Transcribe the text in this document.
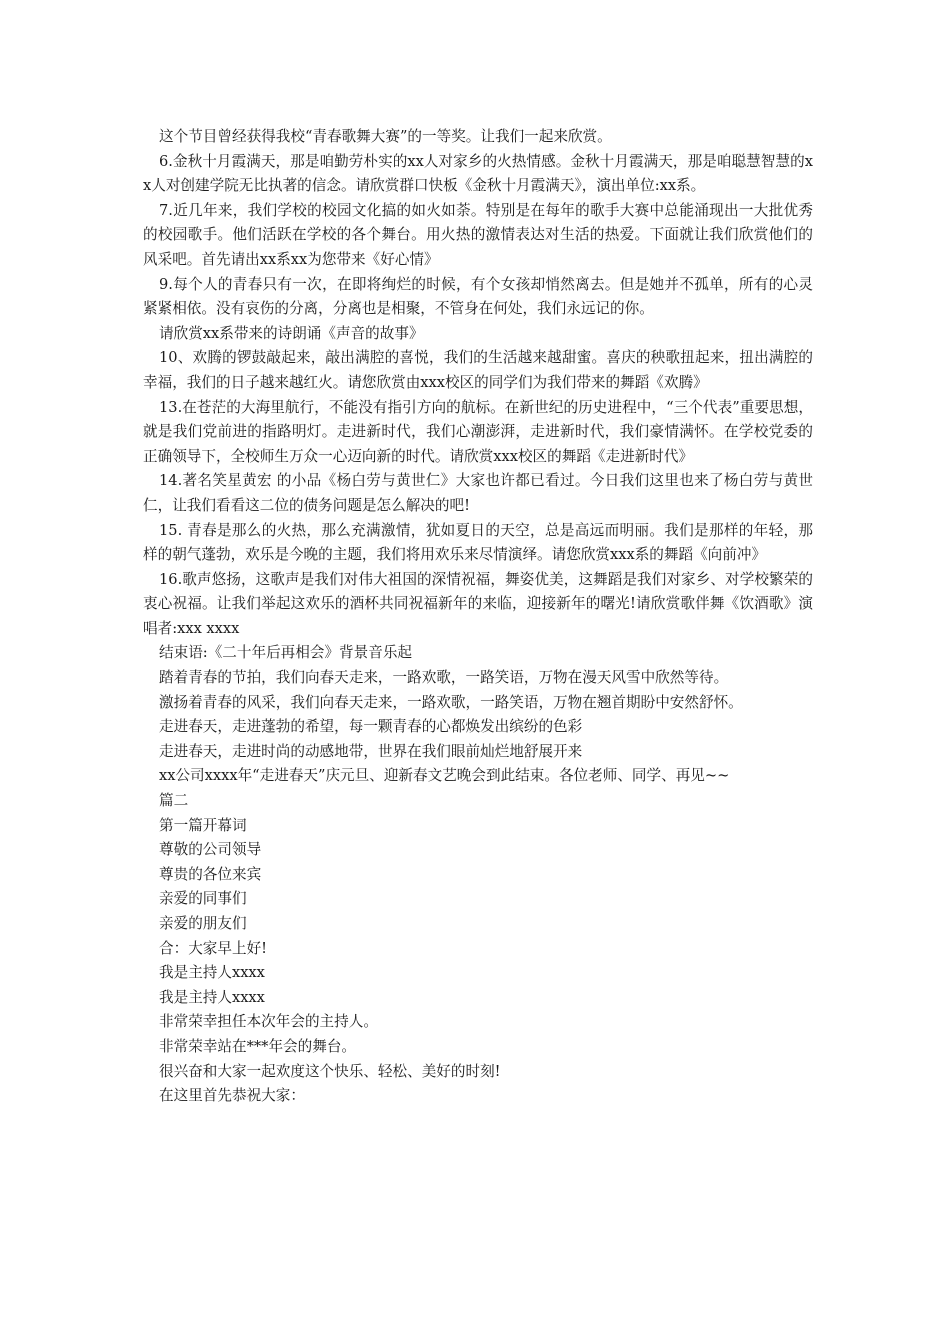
这个节目曾经获得我校“青春歌舞大赛”的一等奖。让我们一起来欣赏。

6.金秋十月霞满天，那是咱勤劳朴实的xx人对家乡的火热情感。金秋十月霞满天，那是咱聪慧智慧的xx人对创建学院无比执著的信念。请欣赏群口快板《金秋十月霞满天》，演出单位:xx系。

7.近几年来，我们学校的校园文化搞的如火如荼。特别是在每年的歌手大赛中总能涌现出一大批优秀的校园歌手。他们活跃在学校的各个舞台。用火热的激情表达对生活的热爱。下面就让我们欣赏他们的风采吧。首先请出xx系xx为您带来《好心情》

9.每个人的青春只有一次，在即将绚烂的时候，有个女孩却悄然离去。但是她并不孤单，所有的心灵紧紧相依。没有哀伤的分离，分离也是相聚，不管身在何处，我们永远记的你。

请欣赏xx系带来的诗朗诵《声音的故事》

10、欢腾的锣鼓敲起来，敲出满腔的喜悦，我们的生活越来越甜蜜。喜庆的秧歌扭起来，扭出满腔的幸福，我们的日子越来越红火。请您欣赏由xxx校区的同学们为我们带来的舞蹈《欢腾》

13.在苍茫的大海里航行，不能没有指引方向的航标。在新世纪的历史进程中，“三个代表”重要思想，就是我们党前进的指路明灯。走进新时代，我们心潮澎湃，走进新时代，我们豪情满怀。在学校党委的正确领导下，全校师生万众一心迈向新的时代。请欣赏xxx校区的舞蹈《走进新时代》

14.著名笑星黄宏 的小品《杨白劳与黄世仁》大家也许都已看过。今日我们这里也来了杨白劳与黄世仁，让我们看看这二位的债务问题是怎么解决的吧!

15. 青春是那么的火热，那么充满激情，犹如夏日的天空，总是高远而明丽。我们是那样的年轻，那样的朝气蓬勃，欢乐是今晚的主题，我们将用欢乐来尽情演绎。请您欣赏xxx系的舞蹈《向前冲》

16.歌声悠扬，这歌声是我们对伟大祖国的深情祝福，舞姿优美，这舞蹈是我们对家乡、对学校繁荣的衷心祝福。让我们举起这欢乐的酒杯共同祝福新年的来临，迎接新年的曙光!请欣赏歌伴舞《饮酒歌》演唱者:xxx xxxx

结束语:《二十年后再相会》背景音乐起
踏着青春的节拍，我们向春天走来，一路欢歌，一路笑语，万物在漫天风雪中欣然等待。
激扬着青春的风采，我们向春天走来，一路欢歌，一路笑语，万物在翘首期盼中安然舒怀。
走进春天，走进蓬勃的希望，每一颗青春的心都焕发出缤纷的色彩
走进春天，走进时尚的动感地带，世界在我们眼前灿烂地舒展开来
xx公司xxxx年“走进春天”庆元旦、迎新春文艺晚会到此结束。各位老师、同学、再见~~
篇二
第一篇开幕词
尊敬的公司领导
尊贵的各位来宾
亲爱的同事们
亲爱的朋友们
合：大家早上好!
我是主持人xxxx
我是主持人xxxx
非常荣幸担任本次年会的主持人。
非常荣幸站在***年会的舞台。
很兴奋和大家一起欢度这个快乐、轻松、美好的时刻!
在这里首先恭祝大家：
